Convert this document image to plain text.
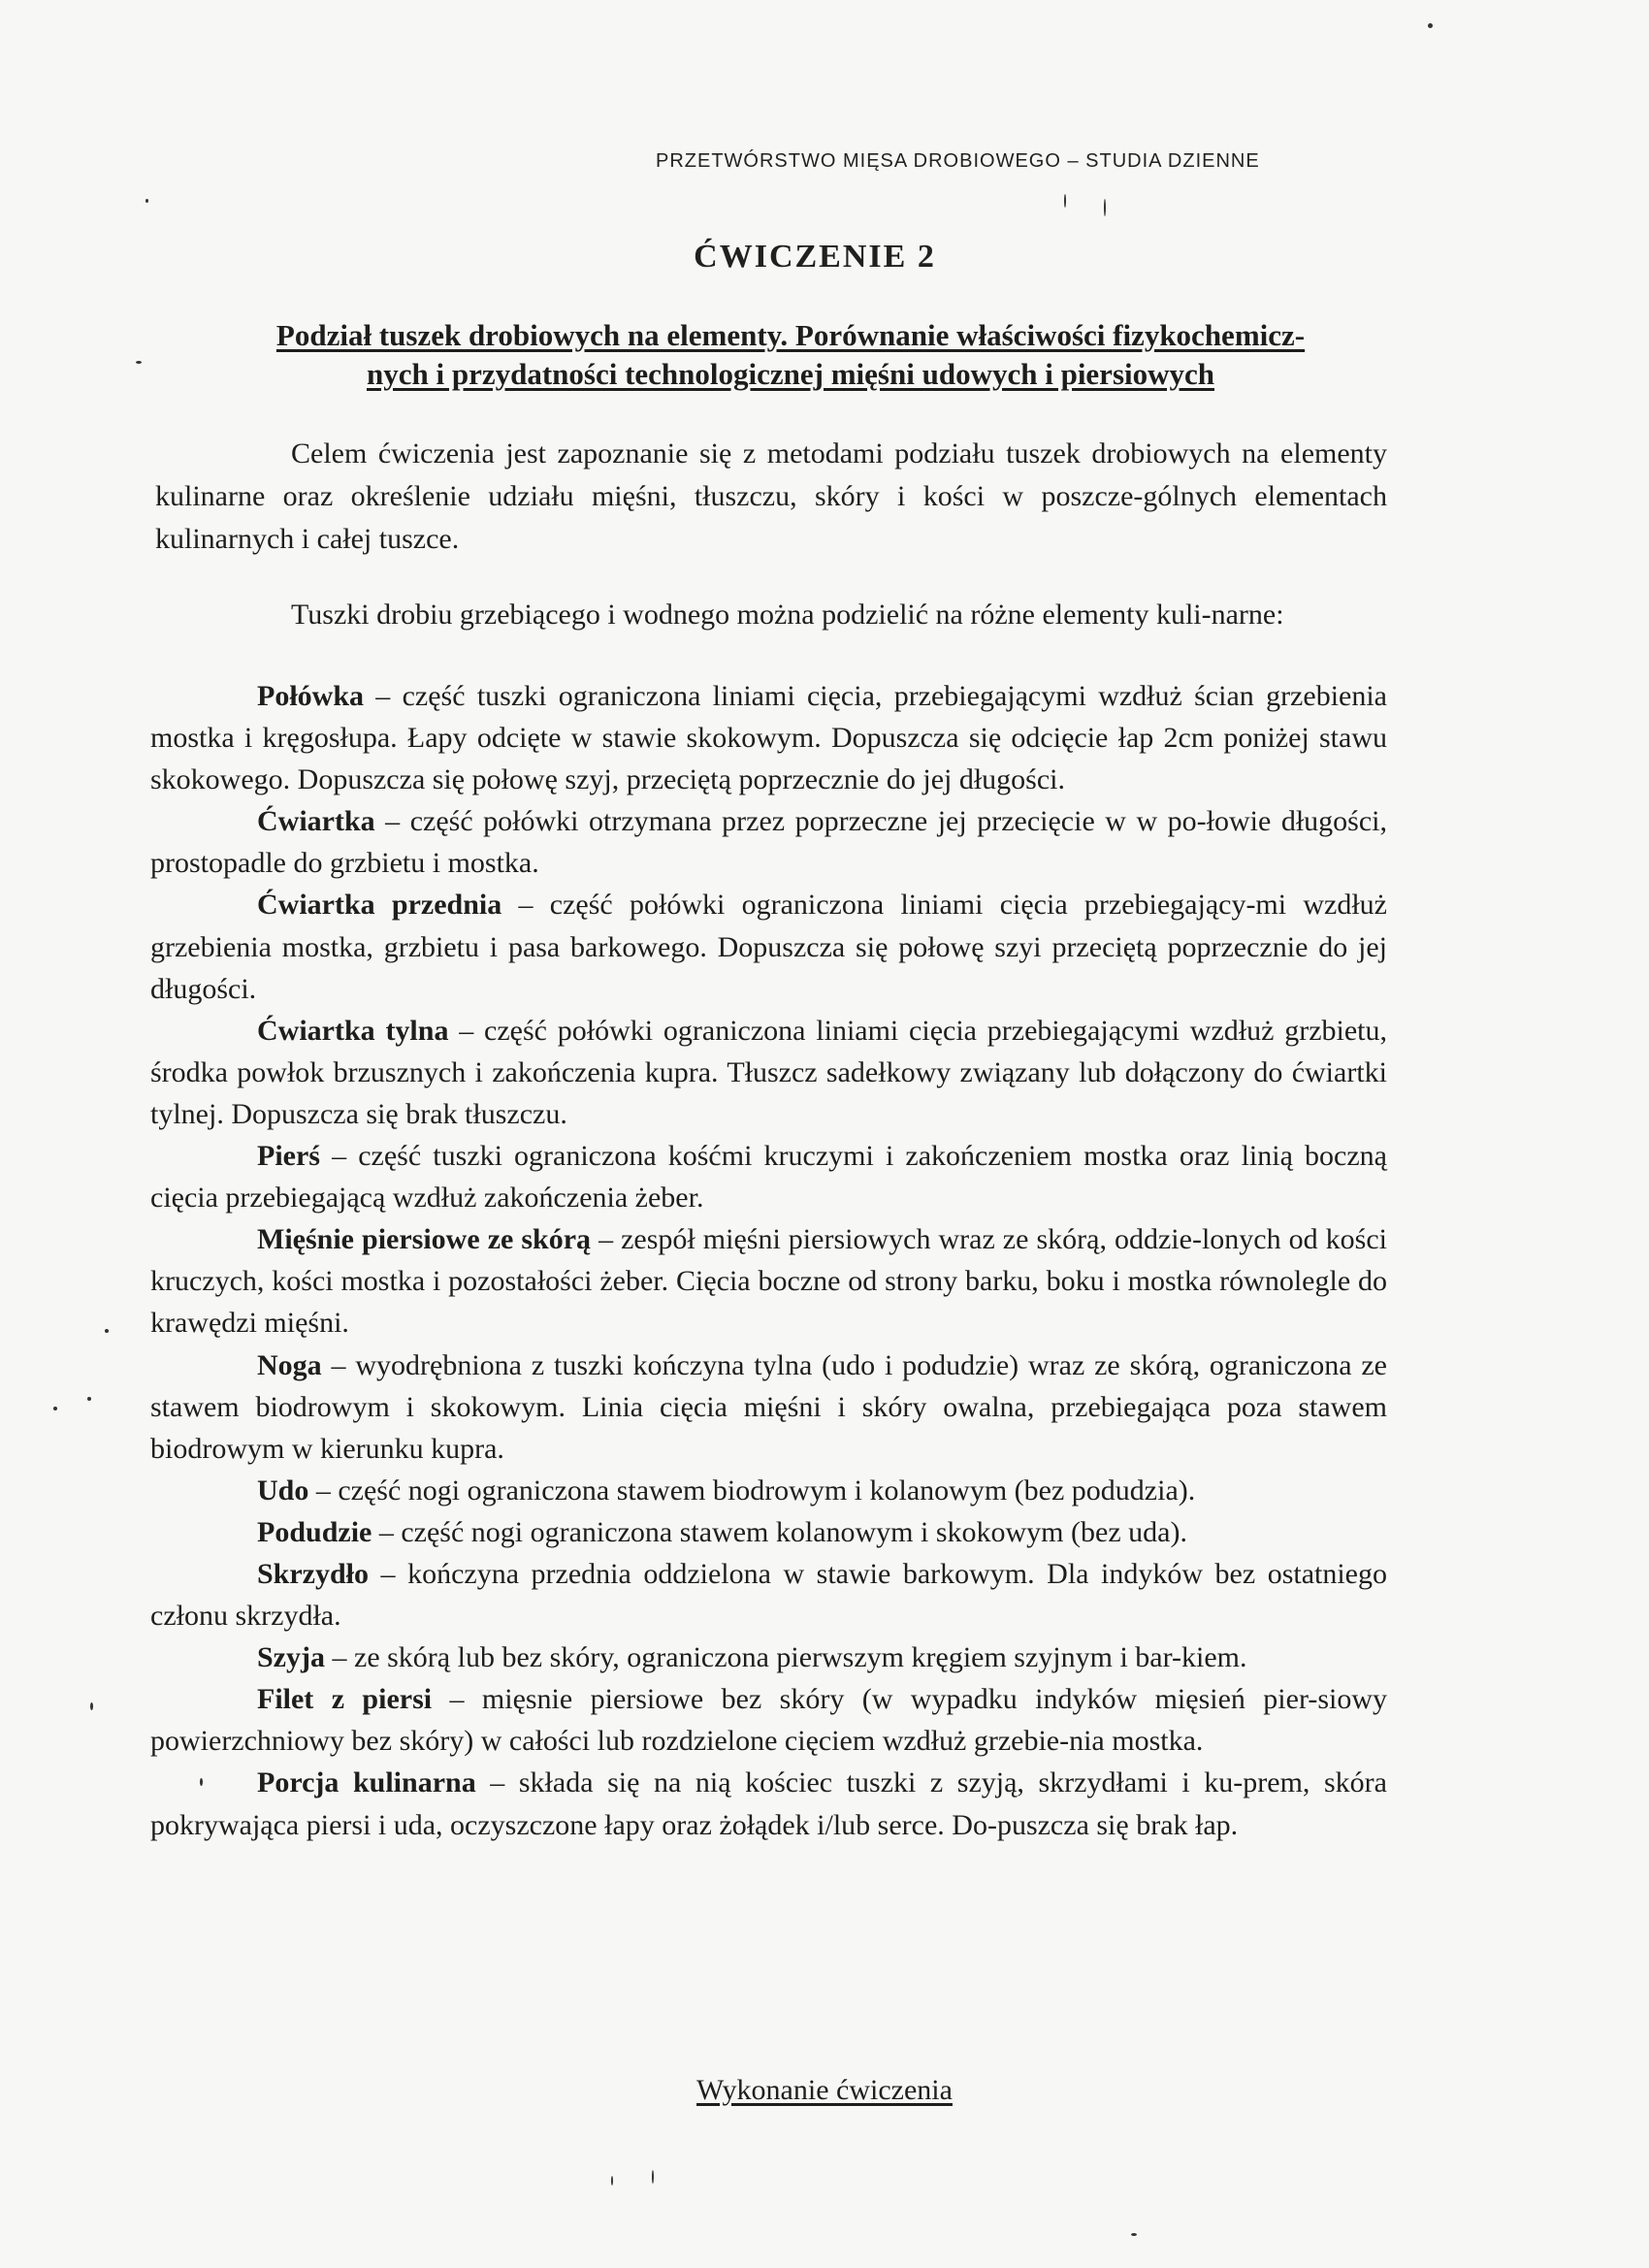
PRZETWÓRSTWO MIĘSA DROBIOWEGO – STUDIA DZIENNE
ĆWICZENIE 2
Podział tuszek drobiowych na elementy. Porównanie właściwości fizykochemicz-
nych i przydatności technologicznej mięśni udowych i piersiowych

Celem ćwiczenia jest zapoznanie się z metodami podziału tuszek drobiowych na elementy kulinarne oraz określenie udziału mięśni, tłuszczu, skóry i kości w poszcze-gólnych elementach kulinarnych i całej tuszce.

Tuszki drobiu grzebiącego i wodnego można podzielić na różne elementy kuli-narne:

Połówka – część tuszki ograniczona liniami cięcia, przebiegającymi wzdłuż ścian grzebienia mostka i kręgosłupa. Łapy odcięte w stawie skokowym. Dopuszcza się odcięcie łap 2cm poniżej stawu skokowego. Dopuszcza się połowę szyj, przeciętą poprzecznie do jej długości.

Ćwiartka – część połówki otrzymana przez poprzeczne jej przecięcie w w po-łowie długości, prostopadle do grzbietu i mostka.

Ćwiartka przednia – część połówki ograniczona liniami cięcia przebiegający-mi wzdłuż grzebienia mostka, grzbietu i pasa barkowego. Dopuszcza się połowę szyi przeciętą poprzecznie do jej długości.

Ćwiartka tylna – część połówki ograniczona liniami cięcia przebiegającymi wzdłuż grzbietu, środka powłok brzusznych i zakończenia kupra. Tłuszcz sadełkowy związany lub dołączony do ćwiartki tylnej. Dopuszcza się brak tłuszczu.

Pierś – część tuszki ograniczona kośćmi kruczymi i zakończeniem mostka oraz linią boczną cięcia przebiegającą wzdłuż zakończenia żeber.

Mięśnie piersiowe ze skórą – zespół mięśni piersiowych wraz ze skórą, oddzie-lonych od kości kruczych, kości mostka i pozostałości żeber. Cięcia boczne od strony barku, boku i mostka równolegle do krawędzi mięśni.

Noga – wyodrębniona z tuszki kończyna tylna (udo i podudzie) wraz ze skórą, ograniczona ze stawem biodrowym i skokowym. Linia cięcia mięśni i skóry owalna, przebiegająca poza stawem biodrowym w kierunku kupra.

Udo – część nogi ograniczona stawem biodrowym i kolanowym (bez podudzia).

Podudzie – część nogi ograniczona stawem kolanowym i skokowym (bez uda).

Skrzydło – kończyna przednia oddzielona w stawie barkowym. Dla indyków bez ostatniego członu skrzydła.

Szyja – ze skórą lub bez skóry, ograniczona pierwszym kręgiem szyjnym i bar-kiem.

Filet z piersi – mięsnie piersiowe bez skóry (w wypadku indyków mięsień pier-siowy powierzchniowy bez skóry) w całości lub rozdzielone cięciem wzdłuż grzebie-nia mostka.

Porcja kulinarna – składa się na nią kościec tuszki z szyją, skrzydłami i ku-prem, skóra pokrywająca piersi i uda, oczyszczone łapy oraz żołądek i/lub serce. Do-puszcza się brak łap.

Wykonanie ćwiczenia
